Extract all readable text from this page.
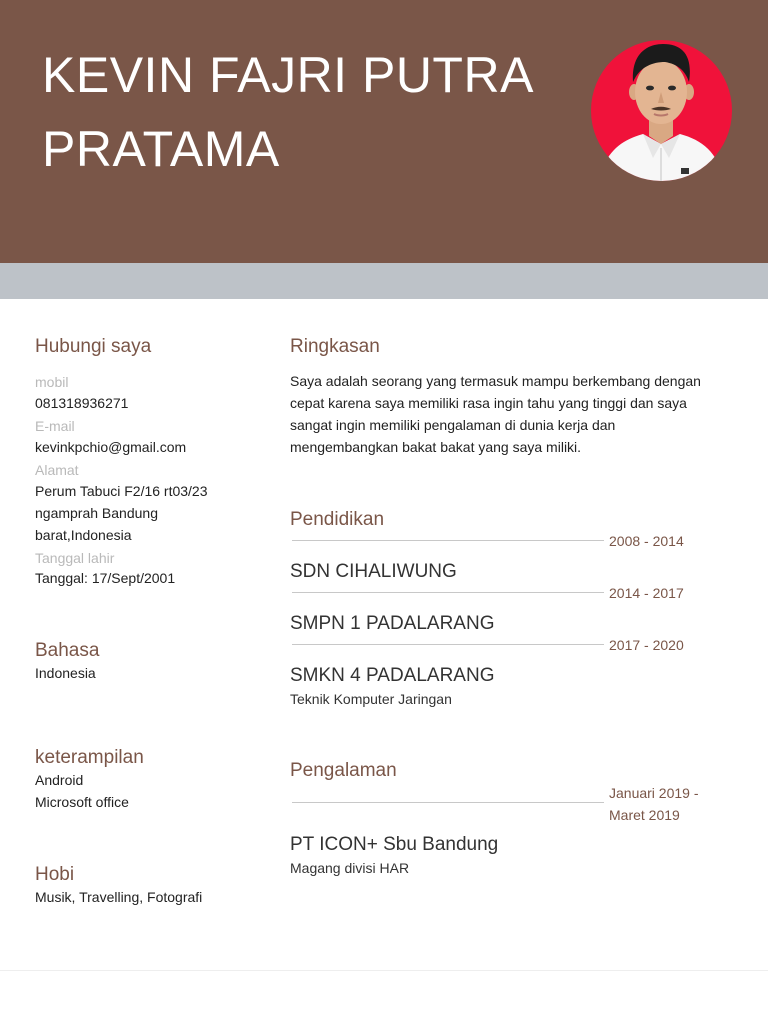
KEVIN FAJRI PUTRA
PRATAMA
Hubungi saya
mobil
081318936271
E-mail
kevinkpchio@gmail.com
Alamat
Perum Tabuci F2/16 rt03/23
ngamprah Bandung
barat,Indonesia
Tanggal lahir
Tanggal: 17/Sept/2001
Bahasa
Indonesia
keterampilan
Android
Microsoft office
Hobi
Musik, Travelling, Fotografi
Ringkasan
Saya adalah seorang yang termasuk mampu berkembang dengan cepat karena saya memiliki rasa ingin tahu yang tinggi dan saya sangat ingin memiliki pengalaman di dunia kerja dan mengembangkan bakat bakat yang saya miliki.
Pendidikan
2008 - 2014
SDN CIHALIWUNG
2014 - 2017
SMPN 1 PADALARANG
2017 - 2020
SMKN 4 PADALARANG
Teknik Komputer Jaringan
Pengalaman
Januari 2019 -
Maret 2019
PT ICON+ Sbu Bandung
Magang divisi HAR
